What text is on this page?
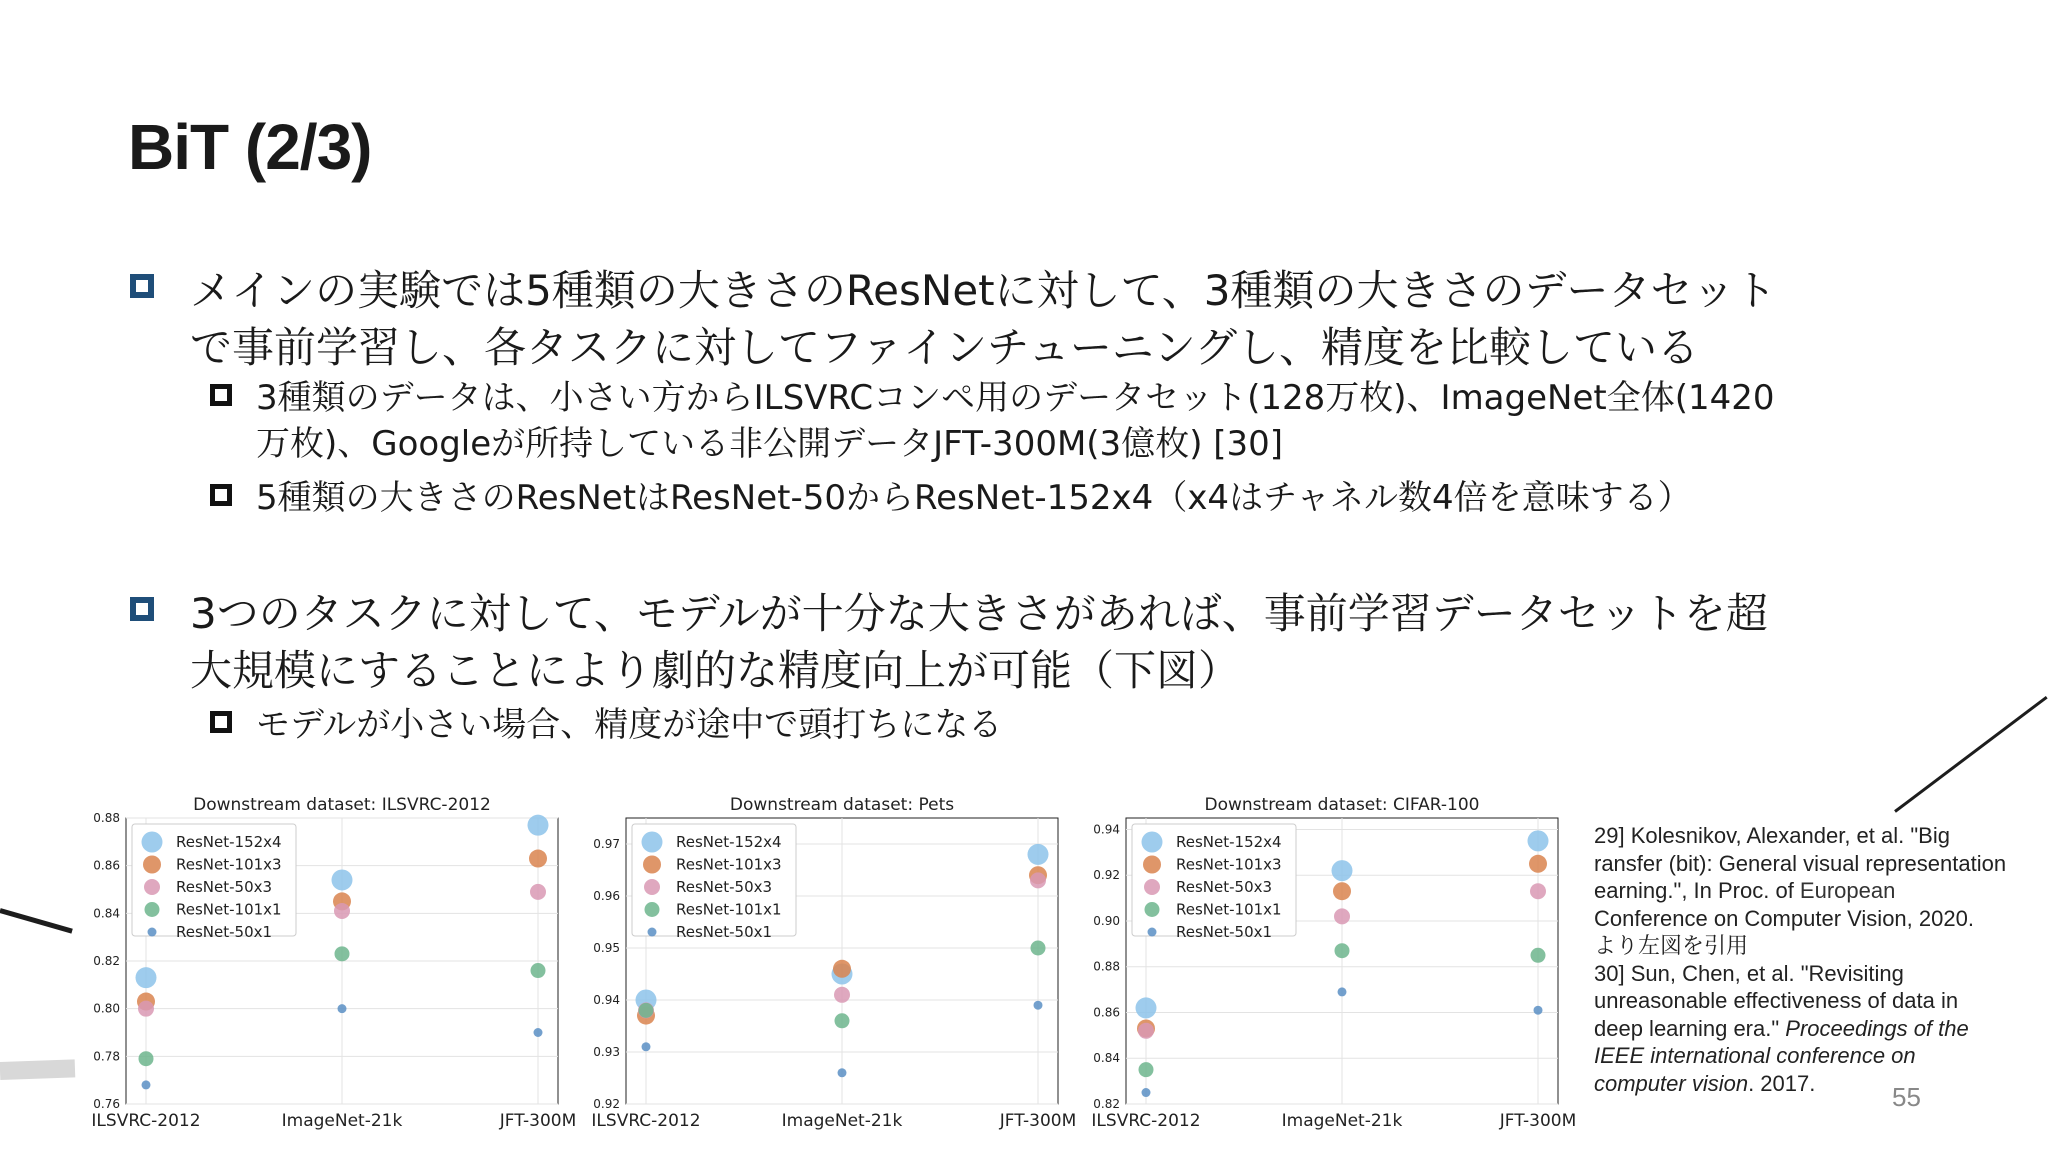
BiT (2/3)
メインの実験では5種類の大きさのResNetに対して、3種類の大きさのデータセット
で事前学習し、各タスクに対してファインチューニングし、精度を比較している
3種類のデータは、小さい方からILSVRCコンペ用のデータセット(128万枚)、ImageNet全体(1420
万枚)、Googleが所持している非公開データJFT-300M(3億枚) [30]
5種類の大きさのResNetはResNet-50からResNet-152x4（x4はチャネル数4倍を意味する）
3つのタスクに対して、モデルが十分な大きさがあれば、事前学習データセットを超
大規模にすることにより劇的な精度向上が可能（下図）
モデルが小さい場合、精度が途中で頭打ちになる
Downstream dataset: ILSVRC-2012
0.76
0.78
0.80
0.82
0.84
0.86
0.88
ILSVRC-2012	ImageNet-21k	JFT-300M
ResNet-152x4
ResNet-101x3
ResNet-50x3
ResNet-101x1
ResNet-50x1
Downstream dataset: Pets
0.92
0.93
0.94
0.95
0.96
0.97
ILSVRC-2012	ImageNet-21k	JFT-300M
ResNet-152x4
ResNet-101x3
ResNet-50x3
ResNet-101x1
ResNet-50x1
Downstream dataset: CIFAR-100
0.82
0.84
0.86
0.88
0.90
0.92
0.94
ILSVRC-2012	ImageNet-21k	JFT-300M
ResNet-152x4
ResNet-101x3
ResNet-50x3
ResNet-101x1
ResNet-50x1
29] Kolesnikov, Alexander, et al. "Big
ransfer (bit): General visual representation
earning.", In Proc. of European
Conference on Computer Vision, 2020.
より左図を引用
30] Sun, Chen, et al. "Revisiting
unreasonable effectiveness of data in
deep learning era." Proceedings of the
IEEE international conference on
computer vision. 2017.	55
